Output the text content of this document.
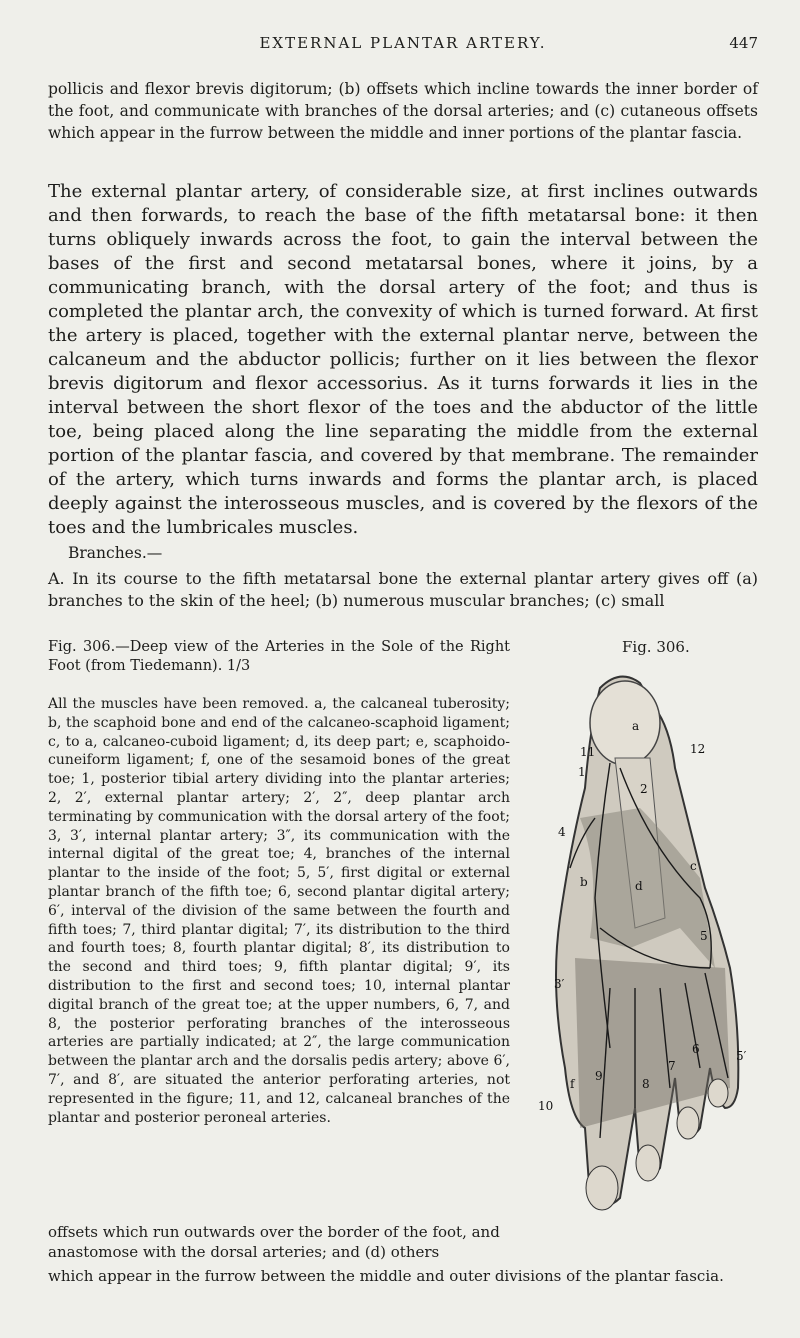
EXTERNAL PLANTAR ARTERY.	447

pollicis and flexor brevis digitorum; (b) offsets which incline towards the inner border of the foot, and communicate with branches of the dorsal arteries; and (c) cutaneous offsets which appear in the furrow between the middle and inner portions of the plantar fascia.

The external plantar artery, of considerable size, at first inclines outwards and then forwards, to reach the base of the fifth metatarsal bone: it then turns obliquely inwards across the foot, to gain the interval between the bases of the first and second metatarsal bones, where it joins, by a communicating branch, with the dorsal artery of the foot; and thus is completed the plantar arch, the convexity of which is turned forward. At first the artery is placed, together with the external plantar nerve, between the calcaneum and the abductor pollicis; further on it lies between the flexor brevis digitorum and flexor accessorius. As it turns forwards it lies in the interval between the short flexor of the toes and the abductor of the little toe, being placed along the line separating the middle from the external portion of the plantar fascia, and covered by that membrane. The remainder of the artery, which turns inwards and forms the plantar arch, is placed deeply against the interosseous muscles, and is covered by the flexors of the toes and the lumbricales muscles.

Branches.—

A. In its course to the fifth metatarsal bone the external plantar artery gives off (a) branches to the skin of the heel; (b) numerous muscular branches; (c) small

Fig. 306.—Deep view of the Arteries in the Sole of the Right Foot (from Tiedemann). 1/3

Fig. 306.

All the muscles have been removed. a, the calcaneal tuberosity; b, the scaphoid bone and end of the calcaneo-scaphoid ligament; c, to a, calcaneo-cuboid ligament; d, its deep part; e, scaphoido-cuneiform ligament; f, one of the sesamoid bones of the great toe; 1, posterior tibial artery dividing into the plantar arteries; 2, 2′, external plantar artery; 2′, 2″, deep plantar arch terminating by communication with the dorsal artery of the foot; 3, 3′, internal plantar artery; 3″, its communication with the internal digital of the great toe; 4, branches of the internal plantar to the inside of the foot; 5, 5′, first digital or external plantar branch of the fifth toe; 6, second plantar digital artery; 6′, interval of the division of the same between the fourth and fifth toes; 7, third plantar digital; 7′, its distribution to the third and fourth toes; 8, fourth plantar digital; 8′, its distribution to the second and third toes; 9, fifth plantar digital; 9′, its distribution to the first and second toes; 10, internal plantar digital branch of the great toe; at the upper numbers, 6, 7, and 8, the posterior perforating branches of the interosseous arteries are partially indicated; at 2″, the large communication between the plantar arch and the dorsalis pedis artery; above 6′, 7′, and 8′, are situated the anterior perforating arteries, not represented in the figure; 11, and 12, calcaneal branches of the plantar and posterior peroneal arteries.

offsets which run outwards over the border of the foot, and anastomose with the dorsal arteries; and (d) others

which appear in the furrow between the middle and outer divisions of the plantar fascia.

11	12
1
4
3′
5′
10
a
b
c
d
f
5
9
8
7
6
2
